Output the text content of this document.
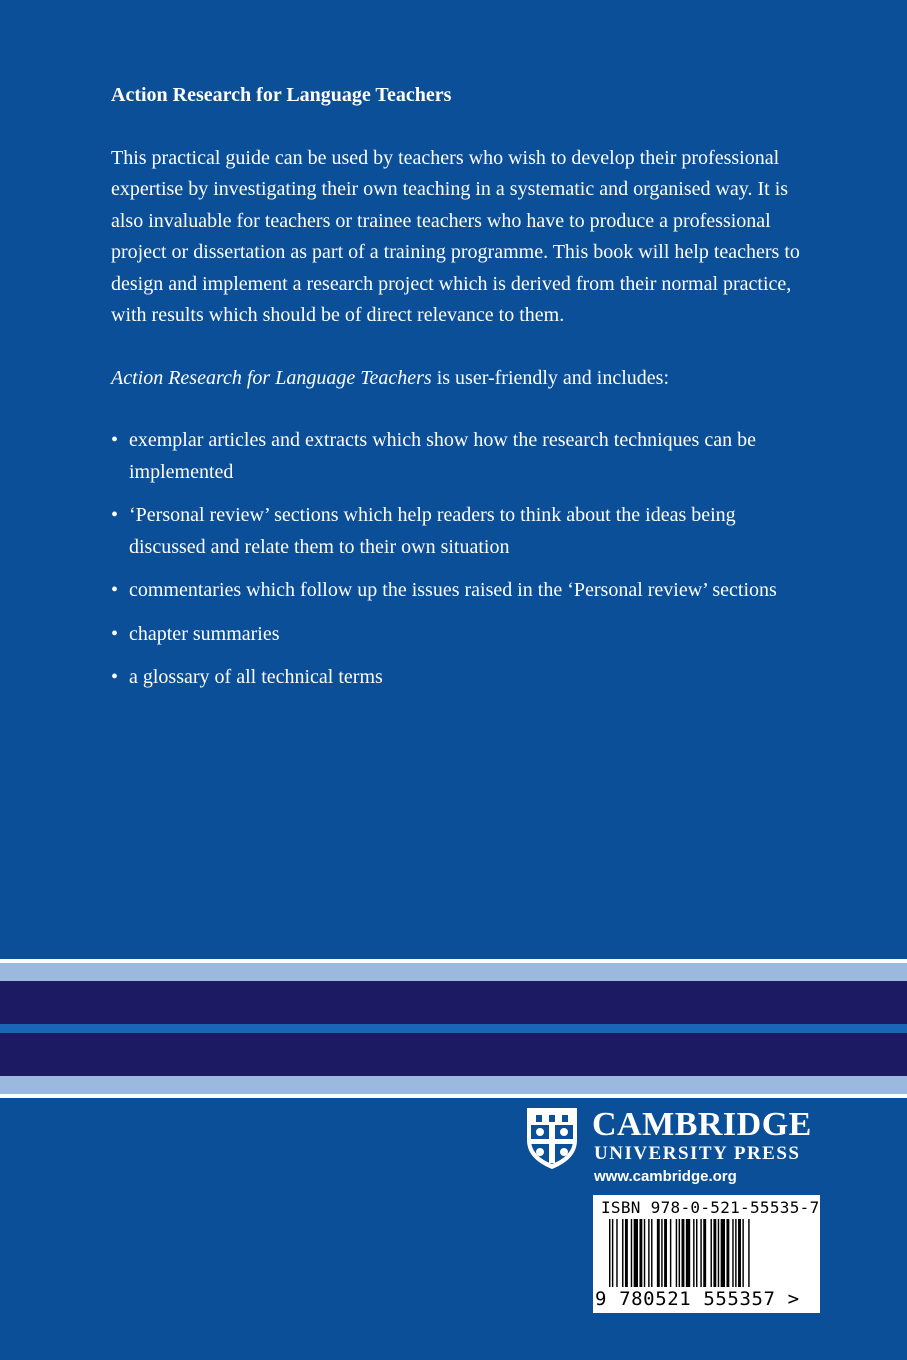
Action Research for Language Teachers

This practical guide can be used by teachers who wish to develop their professional expertise by investigating their own teaching in a systematic and organised way. It is also invaluable for teachers or trainee teachers who have to produce a professional project or dissertation as part of a training programme. This book will help teachers to design and implement a research project which is derived from their normal practice, with results which should be of direct relevance to them.

Action Research for Language Teachers is user-friendly and includes:

• exemplar articles and extracts which show how the research techniques can be implemented
• ‘Personal review’ sections which help readers to think about the ideas being discussed and relate them to their own situation
• commentaries which follow up the issues raised in the ‘Personal review’ sections
• chapter summaries
• a glossary of all technical terms
CAMBRIDGE
UNIVERSITY PRESS
www.cambridge.org
ISBN 978-0-521-55535-7
9 780521 555357 >
